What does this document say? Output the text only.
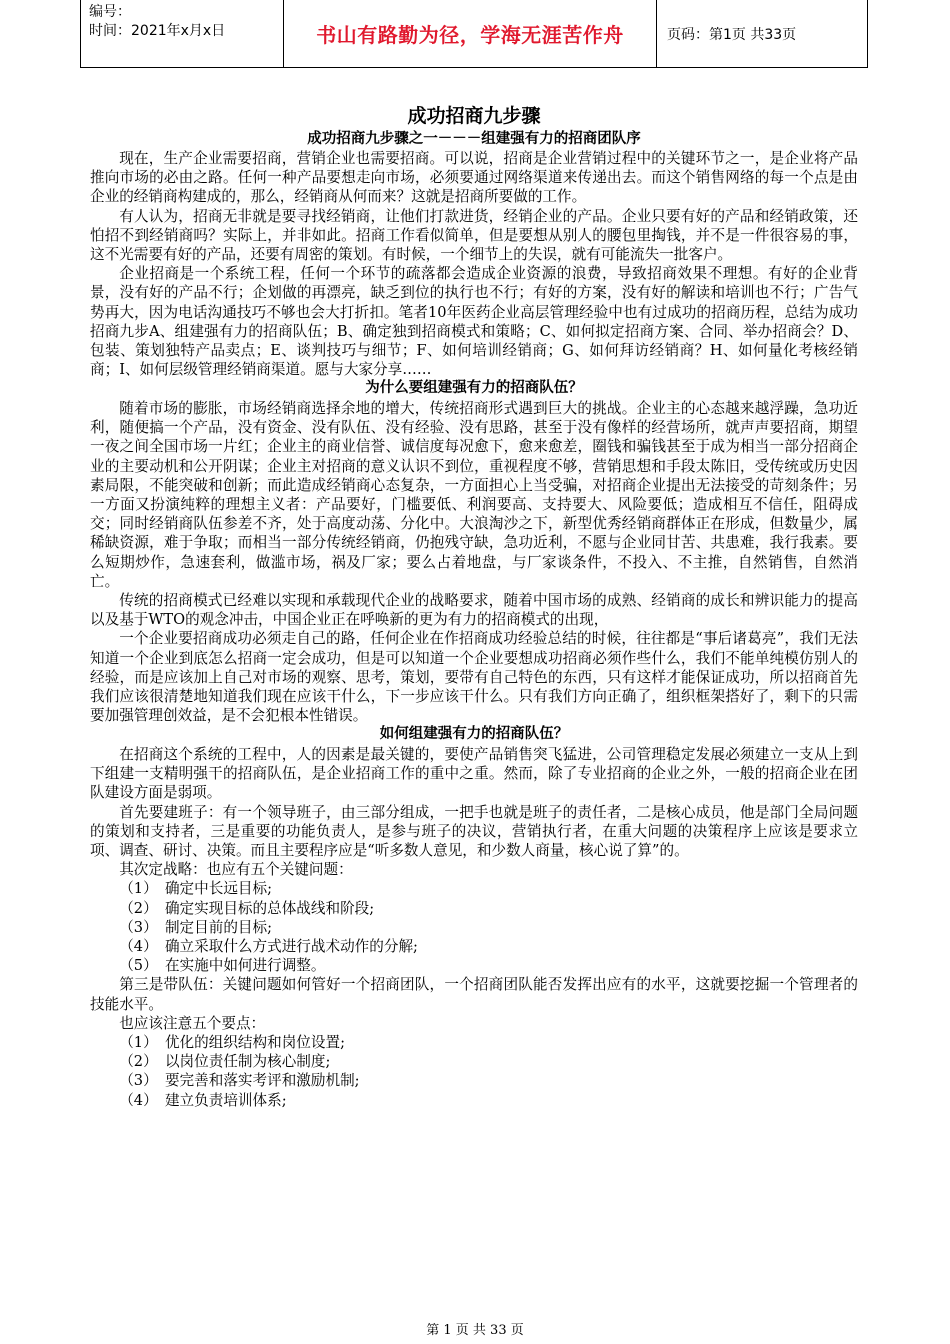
编号：
时间：2021年x月x日	书山有路勤为径，学海无涯苦作舟	页码：第1页 共33页
成功招商九步骤
成功招商九步骤之一－－－组建强有力的招商团队序

现在，生产企业需要招商，营销企业也需要招商。可以说，招商是企业营销过程中的关键环节之一，是企业将产品推向市场的必由之路。任何一种产品要想走向市场，必须要通过网络渠道来传递出去。而这个销售网络的每一个点是由企业的经销商构建成的，那么，经销商从何而来？这就是招商所要做的工作。

有人认为，招商无非就是要寻找经销商，让他们打款进货，经销企业的产品。企业只要有好的产品和经销政策，还怕招不到经销商吗？实际上，并非如此。招商工作看似简单，但是要想从别人的腰包里掏钱，并不是一件很容易的事，这不光需要有好的产品，还要有周密的策划。有时候，一个细节上的失误，就有可能流失一批客户。

企业招商是一个系统工程，任何一个环节的疏落都会造成企业资源的浪费，导致招商效果不理想。有好的企业背景，没有好的产品不行；企划做的再漂亮，缺乏到位的执行也不行；有好的方案，没有好的解读和培训也不行；广告气势再大，因为电话沟通技巧不够也会大打折扣。笔者10年医药企业高层管理经验中也有过成功的招商历程，总结为成功招商九步A、组建强有力的招商队伍；B、确定独到招商模式和策略；C、如何拟定招商方案、合同、举办招商会？D、包装、策划独特产品卖点；E、谈判技巧与细节；F、如何培训经销商；G、如何拜访经销商？H、如何量化考核经销商；I、如何层级管理经销商渠道。愿与大家分享……

为什么要组建强有力的招商队伍？

随着市场的膨胀，市场经销商选择余地的增大，传统招商形式遇到巨大的挑战。企业主的心态越来越浮躁，急功近利，随便搞一个产品，没有资金、没有队伍、没有经验、没有思路，甚至于没有像样的经营场所，就声声要招商，期望一夜之间全国市场一片红；企业主的商业信誉、诚信度每况愈下，愈来愈差，圈钱和骗钱甚至于成为相当一部分招商企业的主要动机和公开阴谋；企业主对招商的意义认识不到位，重视程度不够，营销思想和手段太陈旧，受传统或历史因素局限，不能突破和创新；而此造成经销商心态复杂，一方面担心上当受骗，对招商企业提出无法接受的苛刻条件；另一方面又扮演纯粹的理想主义者：产品要好，门槛要低、利润要高、支持要大、风险要低；造成相互不信任，阻碍成交；同时经销商队伍参差不齐，处于高度动荡、分化中。大浪淘沙之下，新型优秀经销商群体正在形成，但数量少，属稀缺资源，难于争取；而相当一部分传统经销商，仍抱残守缺，急功近利，不愿与企业同甘苦、共患难，我行我素。要么短期炒作，急速套利，做滥市场，祸及厂家；要么占着地盘，与厂家谈条件，不投入、不主推，自然销售，自然消亡。

传统的招商模式已经难以实现和承载现代企业的战略要求，随着中国市场的成熟、经销商的成长和辨识能力的提高以及基于WTO的观念冲击，中国企业正在呼唤新的更为有力的招商模式的出现，

一个企业要招商成功必须走自己的路，任何企业在作招商成功经验总结的时候，往往都是“事后诸葛亮”，我们无法知道一个企业到底怎么招商一定会成功，但是可以知道一个企业要想成功招商必须作些什么，我们不能单纯模仿别人的经验，而是应该加上自己对市场的观察、思考，策划，要带有自己特色的东西，只有这样才能保证成功，所以招商首先我们应该很清楚地知道我们现在应该干什么，下一步应该干什么。只有我们方向正确了，组织框架搭好了，剩下的只需要加强管理创效益，是不会犯根本性错误。

如何组建强有力的招商队伍？

在招商这个系统的工程中，人的因素是最关键的，要使产品销售突飞猛进，公司管理稳定发展必须建立一支从上到下组建一支精明强干的招商队伍，是企业招商工作的重中之重。然而，除了专业招商的企业之外，一般的招商企业在团队建设方面是弱项。

首先要建班子：有一个领导班子，由三部分组成，一把手也就是班子的责任者，二是核心成员，他是部门全局问题的策划和支持者，三是重要的功能负责人，是参与班子的决议，营销执行者，在重大问题的决策程序上应该是要求立项、调查、研讨、决策。而且主要程序应是“听多数人意见，和少数人商量，核心说了算”的。

其次定战略：也应有五个关键问题：

（1）　确定中长远目标;

（2）　确定实现目标的总体战线和阶段;

（3）　制定目前的目标;

（4）　确立采取什么方式进行战术动作的分解;

（5）　在实施中如何进行调整。

第三是带队伍：关键问题如何管好一个招商团队，一个招商团队能否发挥出应有的水平，这就要挖掘一个管理者的技能水平。

也应该注意五个要点：

（1）　优化的组织结构和岗位设置;

（2）　以岗位责任制为核心制度;

（3）　要完善和落实考评和激励机制;

（4）　建立负责培训体系;

第 1 页 共 33 页
